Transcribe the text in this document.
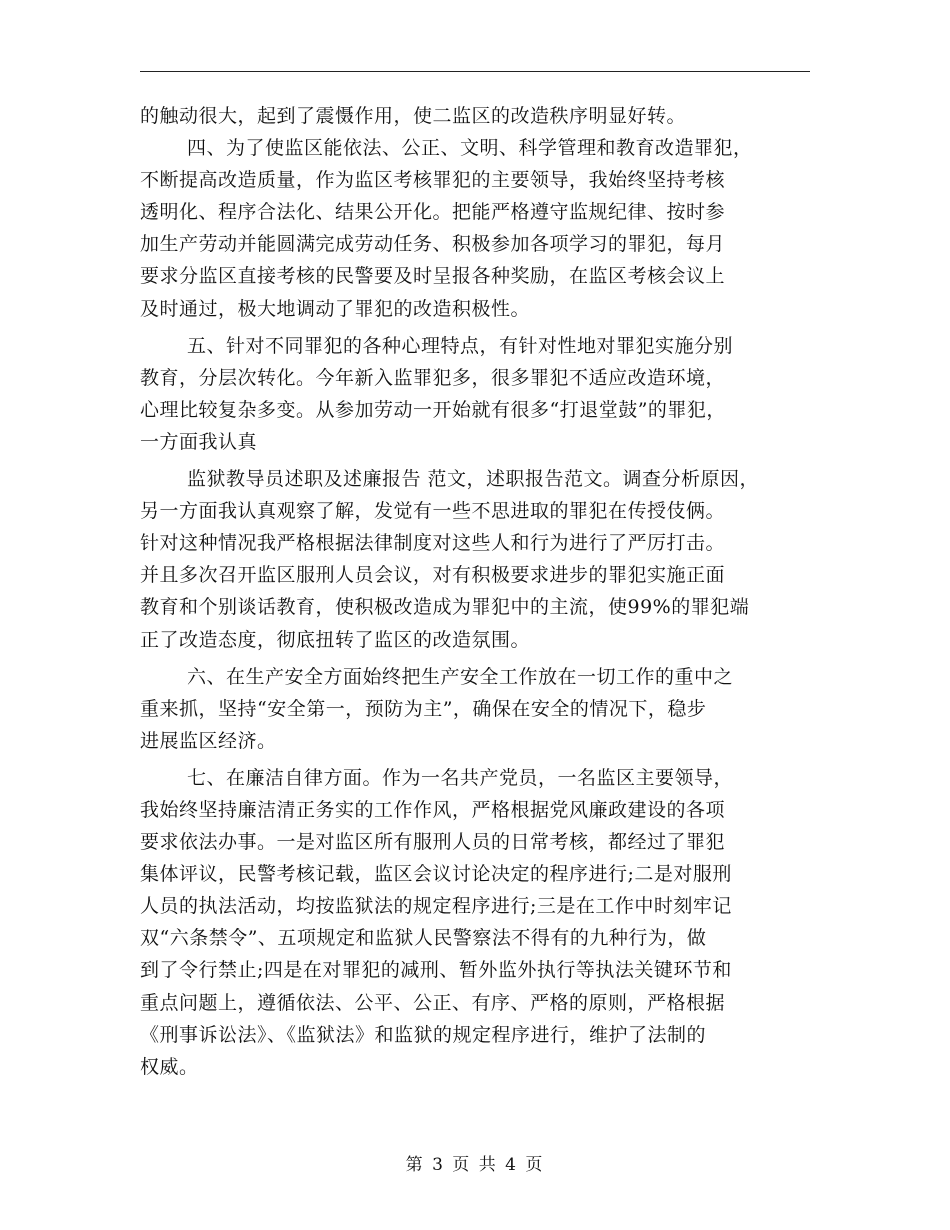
的触动很大，起到了震慑作用，使二监区的改造秩序明显好转。
四、为了使监区能依法、公正、文明、科学管理和教育改造罪犯，
不断提高改造质量，作为监区考核罪犯的主要领导，我始终坚持考核
透明化、程序合法化、结果公开化。把能严格遵守监规纪律、按时参
加生产劳动并能圆满完成劳动任务、积极参加各项学习的罪犯，每月
要求分监区直接考核的民警要及时呈报各种奖励，在监区考核会议上
及时通过，极大地调动了罪犯的改造积极性。
五、针对不同罪犯的各种心理特点，有针对性地对罪犯实施分别
教育，分层次转化。今年新入监罪犯多，很多罪犯不适应改造环境，
心理比较复杂多变。从参加劳动一开始就有很多“打退堂鼓”的罪犯，
一方面我认真
监狱教导员述职及述廉报告 范文，述职报告范文。调查分析原因，
另一方面我认真观察了解，发觉有一些不思进取的罪犯在传授伎俩。
针对这种情况我严格根据法律制度对这些人和行为进行了严厉打击。
并且多次召开监区服刑人员会议，对有积极要求进步的罪犯实施正面
教育和个别谈话教育，使积极改造成为罪犯中的主流，使99%的罪犯端
正了改造态度，彻底扭转了监区的改造氛围。
六、在生产安全方面始终把生产安全工作放在一切工作的重中之
重来抓，坚持“安全第一，预防为主”，确保在安全的情况下，稳步
进展监区经济。
七、在廉洁自律方面。作为一名共产党员，一名监区主要领导，
我始终坚持廉洁清正务实的工作作风，严格根据党风廉政建设的各项
要求依法办事。一是对监区所有服刑人员的日常考核，都经过了罪犯
集体评议，民警考核记载，监区会议讨论决定的程序进行;二是对服刑
人员的执法活动，均按监狱法的规定程序进行;三是在工作中时刻牢记
双“六条禁令”、五项规定和监狱人民警察法不得有的九种行为，做
到了令行禁止;四是在对罪犯的减刑、暂外监外执行等执法关键环节和
重点问题上，遵循依法、公平、公正、有序、严格的原则，严格根据
《刑事诉讼法》、《监狱法》和监狱的规定程序进行，维护了法制的
权威。
第 3 页 共 4 页
